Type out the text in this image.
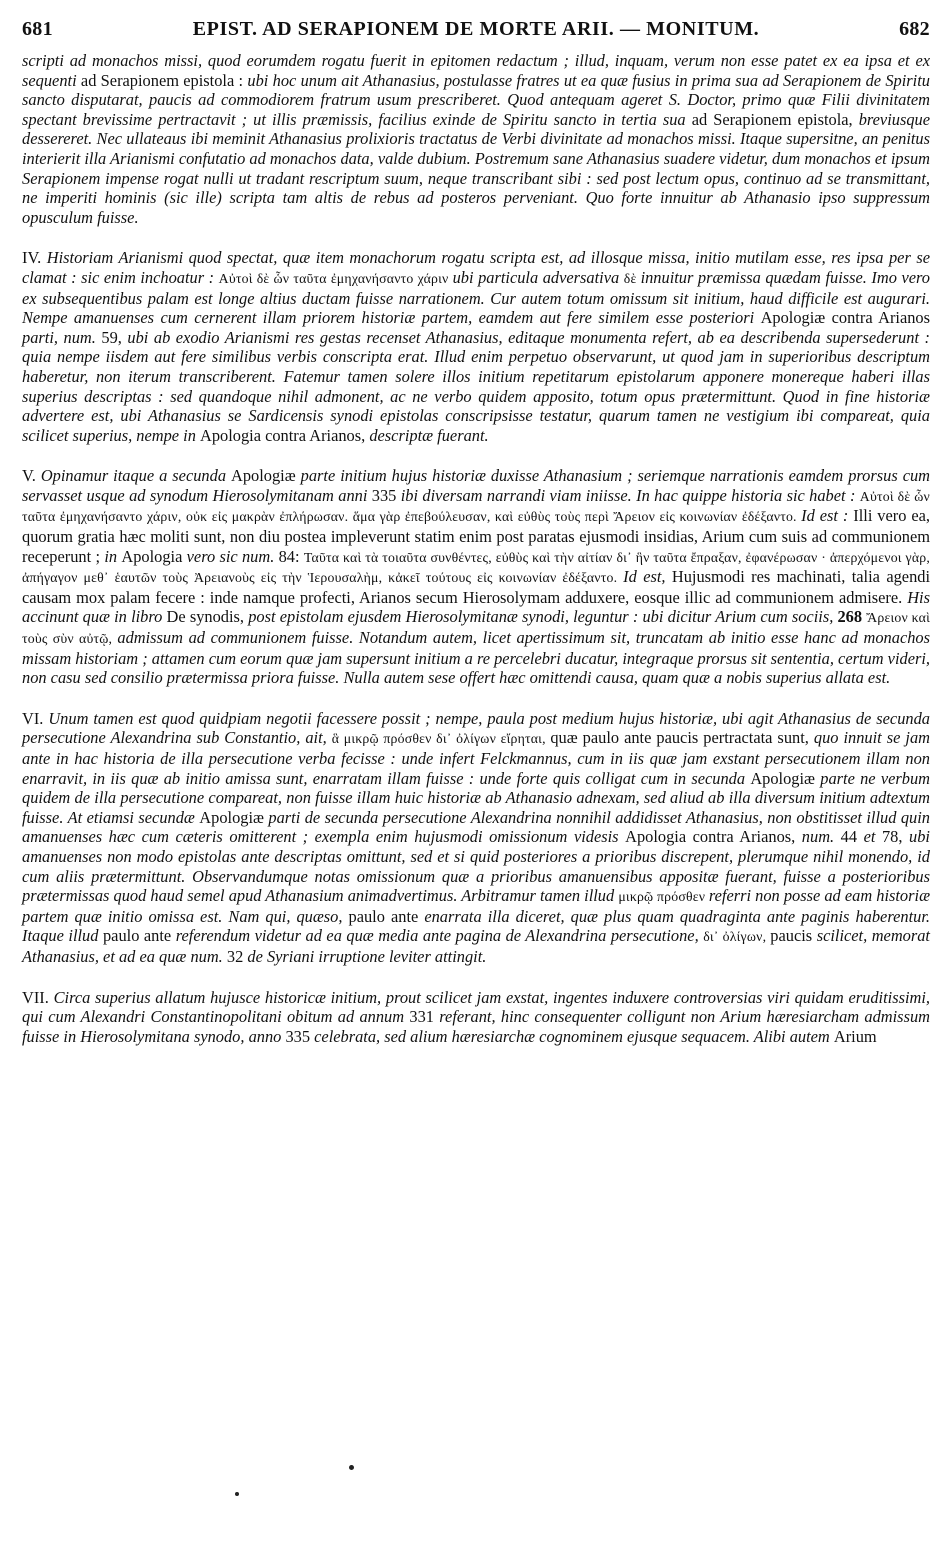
681	EPIST. AD SERAPIONEM DE MORTE ARII. — MONITUM.	682

scripti ad monachos missi, quod eorumdem rogatu fuerit in epitomen redactum ; illud, inquam, verum non esse patet ex ea ipsa et ex sequenti ad Serapionem epistola : ubi hoc unum ait Athanasius, postulasse fratres ut ea quæ fusius in prima sua ad Serapionem de Spiritu sancto disputarat, paucis ad commodiorem fratrum usum prescriberet. Quod antequam ageret S. Doctor, primo quæ Filii divinitatem spectant brevissime pertractavit ; ut illis præmissis, facilius exinde de Spiritu sancto in tertia sua ad Serapionem epistola, breviusque dessereret. Nec ullateaus ibi meminit Athanasius prolixioris tractatus de Verbi divinitate ad monachos missi. Itaque supersitne, an penitus interierit illa Arianismi confutatio ad monachos data, valde dubium. Postremum sane Athanasius suadere videtur, dum monachos et ipsum Serapionem impense rogat nulli ut tradant rescriptum suum, neque transcribant sibi : sed post lectum opus, continuo ad se transmittant, ne imperiti hominis (sic ille) scripta tam altis de rebus ad posteros perveniant. Quo forte innuitur ab Athanasio ipso suppressum opusculum fuisse.

IV. Historiam Arianismi quod spectat, quæ item monachorum rogatu scripta est, ad illosque missa, initio mutilam esse, res ipsa per se clamat : sic enim inchoatur : Αὐτοὶ δὲ ὧν ταῦτα ἐμηχανήσαντο χάριν ubi particula adversativa δὲ innuitur præmissa quædam fuisse. Imo vero ex subsequentibus palam est longe altius ductam fuisse narrationem. Cur autem totum omissum sit initium, haud difficile est augurari. Nempe amanuenses cum cernerent illam priorem historiæ partem, eamdem aut fere similem esse posteriori Apologiæ contra Arianos parti, num. 59, ubi ab exodio Arianismi res gestas recenset Athanasius, editaque monumenta refert, ab ea describenda supersederunt : quia nempe iisdem aut fere similibus verbis conscripta erat. Illud enim perpetuo observarunt, ut quod jam in superioribus descriptum haberetur, non iterum transcriberent. Fatemur tamen solere illos initium repetitarum epistolarum apponere monereque haberi illas superius descriptas : sed quandoque nihil admonent, ac ne verbo quidem apposito, totum opus prætermittunt. Quod in fine historiæ advertere est, ubi Athanasius se Sardicensis synodi epistolas conscripsisse testatur, quarum tamen ne vestigium ibi compareat, quia scilicet superius, nempe in Apologia contra Arianos, descriptæ fuerant.

V. Opinamur itaque a secunda Apologiæ parte initium hujus historiæ duxisse Athanasium ; seriemque narrationis eamdem prorsus cum servasset usque ad synodum Hierosolymitanam anni 335 ibi diversam narrandi viam iniisse. In hac quippe historia sic habet : Αὐτοὶ δὲ ὧν ταῦτα ἐμηχανήσαντο χάριν, οὐκ εἰς μακρὰν ἐπλήρωσαν. ἅμα γὰρ ἐπεβούλευσαν, καὶ εὐθὺς τοὺς περὶ Ἄρειον εἰς κοινωνίαν ἐδέξαντο. Id est : Illi vero ea, quorum gratia hæc moliti sunt, non diu postea impleverunt statim enim post paratas ejusmodi insidias, Arium cum suis ad communionem receperunt ; in Apologia vero sic num. 84: Ταῦτα καὶ τὰ τοιαῦτα συνθέντες, εὐθὺς καὶ τὴν αἰτίαν δι᾽ ἣν ταῦτα ἔπραξαν, ἐφανέρωσαν · ἀπερχόμενοι γὰρ, ἀπήγαγον μεθ᾽ ἑαυτῶν τοὺς Ἀρειανοὺς εἰς τὴν Ἱερουσαλὴμ, κἀκεῖ τούτους εἰς κοινωνίαν ἐδέξαντο. Id est, Hujusmodi res machinati, talia agendi causam mox palam fecere : inde namque profecti, Arianos secum Hierosolymam adduxere, eosque illic ad communionem admisere. His accinunt quæ in libro De synodis, post epistolam ejusdem Hierosolymitanæ synodi, leguntur : ubi dicitur Arium cum sociis, 268 Ἄρειον καὶ τοὺς σὺν αὐτῷ, admissum ad communionem fuisse. Notandum autem, licet apertissimum sit, truncatam ab initio esse hanc ad monachos missam historiam ; attamen cum eorum quæ jam supersunt initium a re percelebri ducatur, integraque prorsus sit sententia, certum videri, non casu sed consilio prætermissa priora fuisse. Nulla autem sese offert hæc omittendi causa, quam quæ a nobis superius allata est.

VI. Unum tamen est quod quidpiam negotii facessere possit ; nempe, paula post medium hujus historiæ, ubi agit Athanasius de secunda persecutione Alexandrina sub Constantio, ait, ἃ μικρῷ πρόσθεν δι᾽ ὀλίγων εἴρηται, quæ paulo ante paucis pertractata sunt, quo innuit se jam ante in hac historia de illa persecutione verba fecisse : unde infert Felckmannus, cum in iis quæ jam exstant persecutionem illam non enarravit, in iis quæ ab initio amissa sunt, enarratam illam fuisse : unde forte quis colligat cum in secunda Apologiæ parte ne verbum quidem de illa persecutione compareat, non fuisse illam huic historiæ ab Athanasio adnexam, sed aliud ab illa diversum initium adtextum fuisse. At etiamsi secundæ Apologiæ parti de secunda persecutione Alexandrina nonnihil addidisset Athanasius, non obstitisset illud quin amanuenses hæc cum cæteris omitterent ; exempla enim hujusmodi omissionum videsis Apologia contra Arianos, num. 44 et 78, ubi amanuenses non modo epistolas ante descriptas omittunt, sed et si quid posteriores a prioribus discrepent, plerumque nihil monendo, id cum aliis prætermittunt. Observandumque notas omissionum quæ a prioribus amanuensibus appositæ fuerant, fuisse a posterioribus prætermissas quod haud semel apud Athanasium animadvertimus. Arbitramur tamen illud μικρῷ πρόσθεν referri non posse ad eam historiæ partem quæ initio omissa est. Nam qui, quæso, paulo ante enarrata illa diceret, quæ plus quam quadraginta ante paginis haberentur. Itaque illud paulo ante referendum videtur ad ea quæ media ante pagina de Alexandrina persecutione, δι᾽ ὀλίγων, paucis scilicet, memorat Athanasius, et ad ea quæ num. 32 de Syriani irruptione leviter attingit.

VII. Circa superius allatum hujusce historicæ initium, prout scilicet jam exstat, ingentes induxere controversias viri quidam eruditissimi, qui cum Alexandri Constantinopolitani obitum ad annum 331 referant, hinc consequenter colligunt non Arium hæresiarcham admissum fuisse in Hierosolymitana synodo, anno 335 celebrata, sed alium hæresiarchæ cognominem ejusque sequacem. Alibi autem Arium
